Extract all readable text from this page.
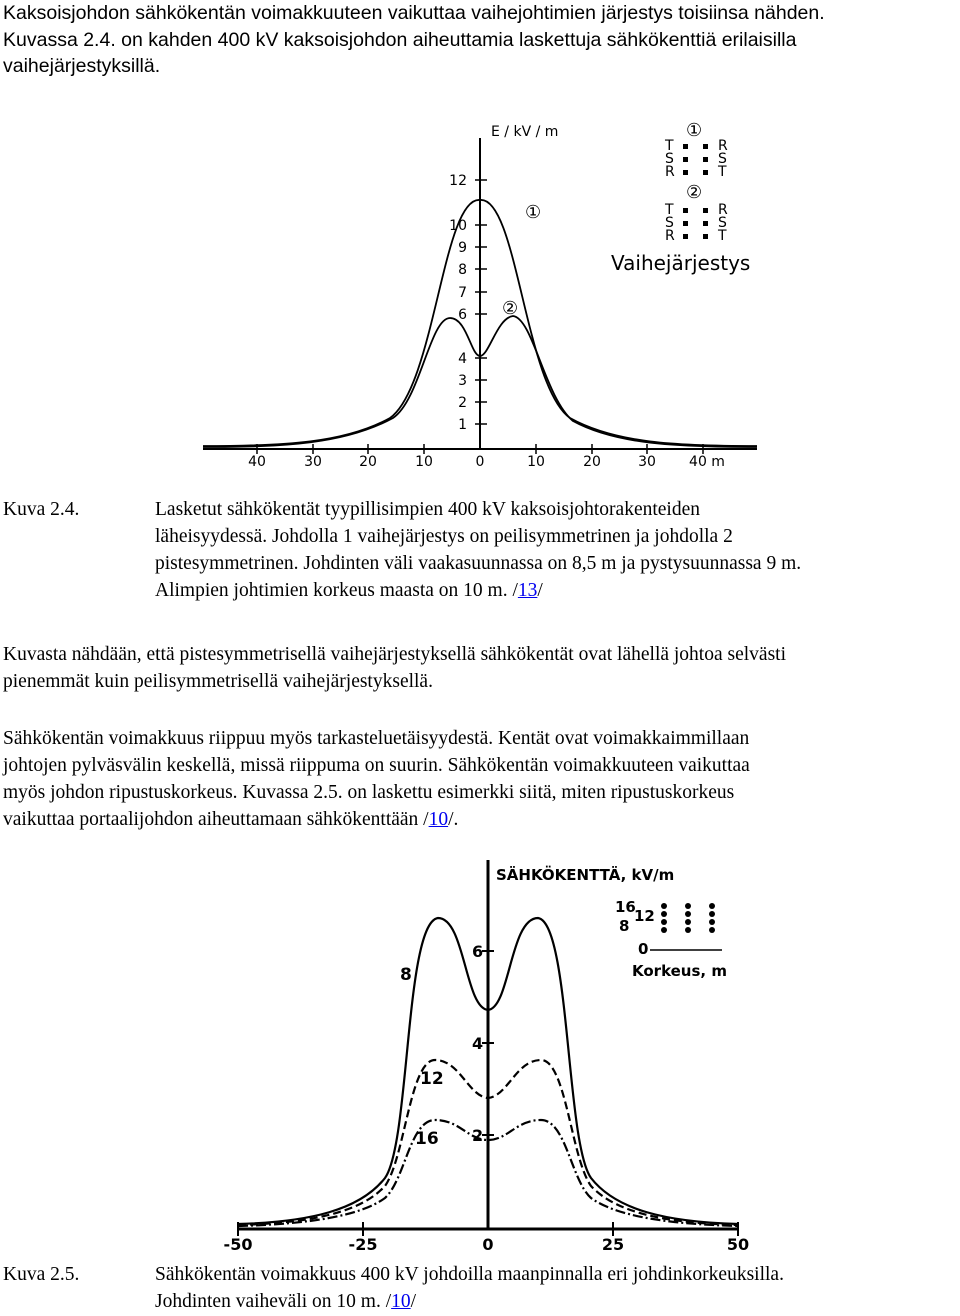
Kaksoisjohdon sähkökentän voimakkuuteen vaikuttaa vaihejohtimien järjestys toisiinsa nähden.

Kuvassa 2.4. on kahden 400 kV kaksoisjohdon aiheuttamia laskettuja sähkökenttiä erilaisilla

vaihejärjestyksillä.

E / kV / m
1
2
3
4
6
7
8
9
10
12
40	30	20	10	0	10	20	30 40 m
①
②
①
T
S
R
R
S
T
②
T
S
R
R
S
T
Vaihejärjestys
Kuva 2.4.	Lasketut sähkökentät tyypillisimpien 400 kV kaksoisjohtorakenteiden
läheisyydessä. Johdolla 1 vaihejärjestys on peilisymmetrinen ja johdolla 2
pistesymmetrinen. Johdinten väli vaakasuunnassa on 8,5 m ja pystysuunnassa 9 m.
Alimpien johtimien korkeus maasta on 10 m. /13/
Kuvasta nähdään, että pistesymmetrisellä vaihejärjestyksellä sähkökentät ovat lähellä johtoa selvästi
pienemmät kuin peilisymmetrisellä vaihejärjestyksellä.
Sähkökentän voimakkuus riippuu myös tarkasteluetäisyydestä. Kentät ovat voimakkaimmillaan
johtojen pylväsvälin keskellä, missä riippuma on suurin. Sähkökentän voimakkuuteen vaikuttaa
myös johdon ripustuskorkeus. Kuvassa 2.5. on laskettu esimerkki siitä, miten ripustuskorkeus
vaikuttaa portaalijohdon aiheuttamaan sähkökenttään /10/.
SÄHKÖKENTTÄ, kV/m
2
4
6
-50	-25	0	25	50
8
12
16
16
12
8
0
Korkeus, m
Kuva 2.5.	Sähkökentän voimakkuus 400 kV johdoilla maanpinnalla eri johdinkorkeuksilla.
Johdinten vaiheväli on 10 m. /10/
